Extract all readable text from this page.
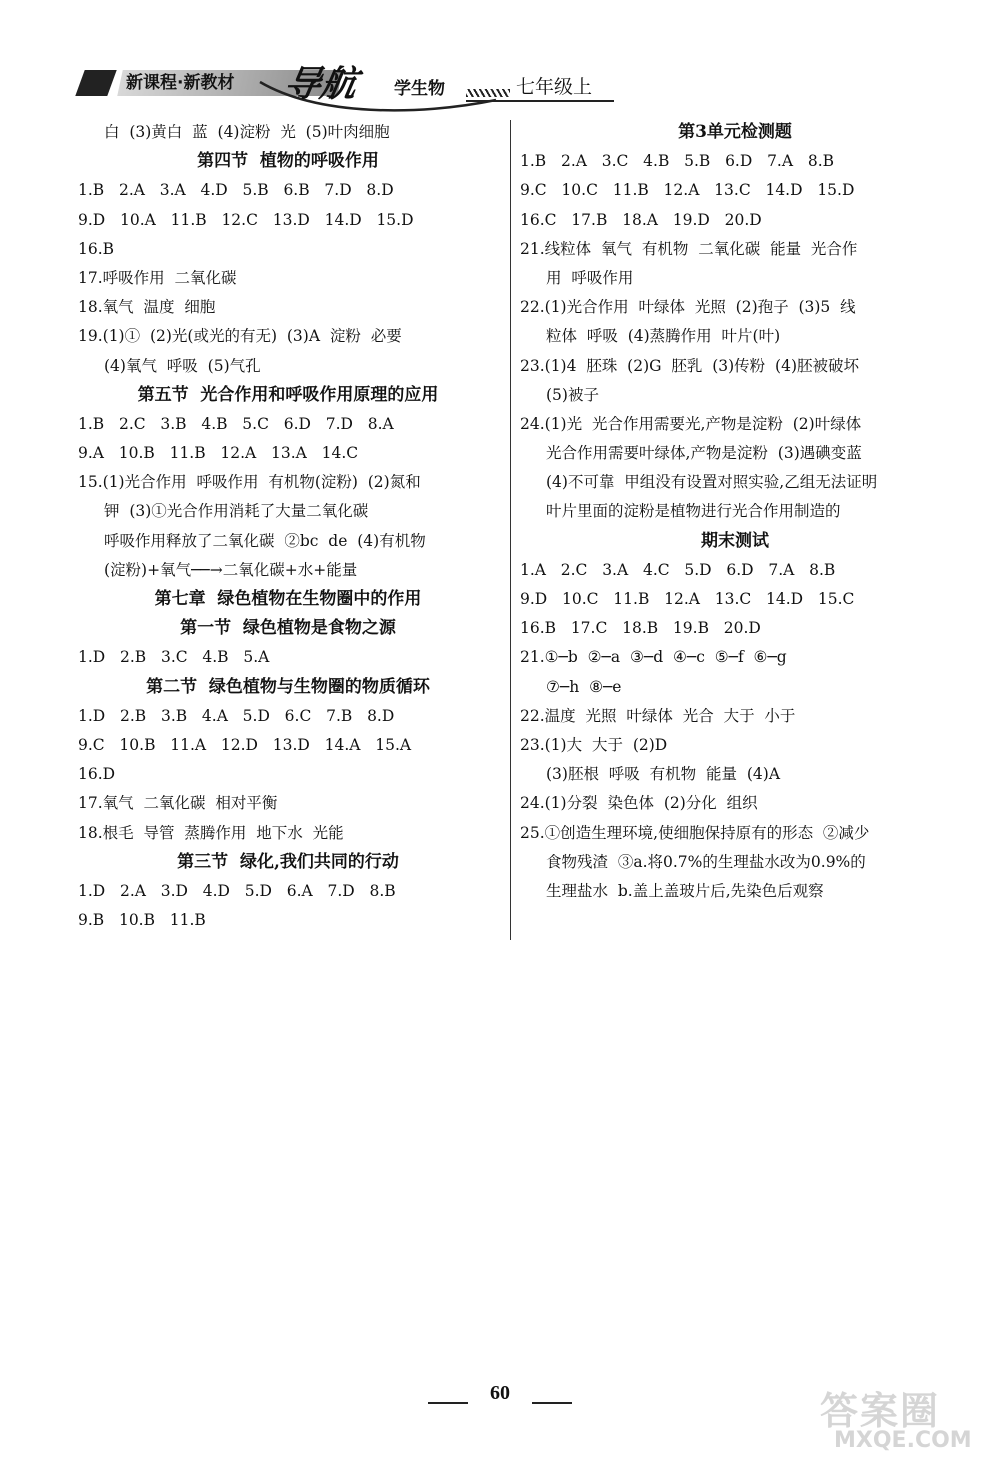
新课程·新教材 导航 学生物	七年级上
白  (3)黄白  蓝  (4)淀粉  光  (5)叶肉细胞
第四节  植物的呼吸作用
1.B   2.A   3.A   4.D   5.B   6.B   7.D   8.D
9.D   10.A   11.B   12.C   13.D   14.D   15.D
16.B
17.呼吸作用  二氧化碳
18.氧气  温度  细胞
19.(1)①  (2)光(或光的有无)  (3)A  淀粉  必要
(4)氧气  呼吸  (5)气孔
第五节  光合作用和呼吸作用原理的应用
1.B   2.C   3.B   4.B   5.C   6.D   7.D   8.A
9.A   10.B   11.B   12.A   13.A   14.C
15.(1)光合作用  呼吸作用  有机物(淀粉)  (2)氮和
钾  (3)①光合作用消耗了大量二氧化碳
呼吸作用释放了二氧化碳  ②bc  de  (4)有机物
(淀粉)+氧气──→二氧化碳+水+能量
第七章  绿色植物在生物圈中的作用
第一节  绿色植物是食物之源
1.D   2.B   3.C   4.B   5.A
第二节  绿色植物与生物圈的物质循环
1.D   2.B   3.B   4.A   5.D   6.C   7.B   8.D
9.C   10.B   11.A   12.D   13.D   14.A   15.A
16.D
17.氧气  二氧化碳  相对平衡
18.根毛  导管  蒸腾作用  地下水  光能
第三节  绿化,我们共同的行动
1.D   2.A   3.D   4.D   5.D   6.A   7.D   8.B
9.B   10.B   11.B
第3单元检测题
1.B   2.A   3.C   4.B   5.B   6.D   7.A   8.B
9.C   10.C   11.B   12.A   13.C   14.D   15.D
16.C   17.B   18.A   19.D   20.D
21.线粒体  氧气  有机物  二氧化碳  能量  光合作
用  呼吸作用
22.(1)光合作用  叶绿体  光照  (2)孢子  (3)5  线
粒体  呼吸  (4)蒸腾作用  叶片(叶)
23.(1)4  胚珠  (2)G  胚乳  (3)传粉  (4)胚被破坏
(5)被子
24.(1)光  光合作用需要光,产物是淀粉  (2)叶绿体
光合作用需要叶绿体,产物是淀粉  (3)遇碘变蓝
(4)不可靠  甲组没有设置对照实验,乙组无法证明
叶片里面的淀粉是植物进行光合作用制造的
期末测试
1.A   2.C   3.A   4.C   5.D   6.D   7.A   8.B
9.D   10.C   11.B   12.A   13.C   14.D   15.C
16.B   17.C   18.B   19.B   20.D
21.①─b  ②─a  ③─d  ④─c  ⑤─f  ⑥─g
⑦─h  ⑧─e
22.温度  光照  叶绿体  光合  大于  小于
23.(1)大  大于  (2)D
(3)胚根  呼吸  有机物  能量  (4)A
24.(1)分裂  染色体  (2)分化  组织
25.①创造生理环境,使细胞保持原有的形态  ②减少
食物残渣  ③a.将0.7%的生理盐水改为0.9%的
生理盐水  b.盖上盖玻片后,先染色后观察
60	答案圈
MXQE.COM
